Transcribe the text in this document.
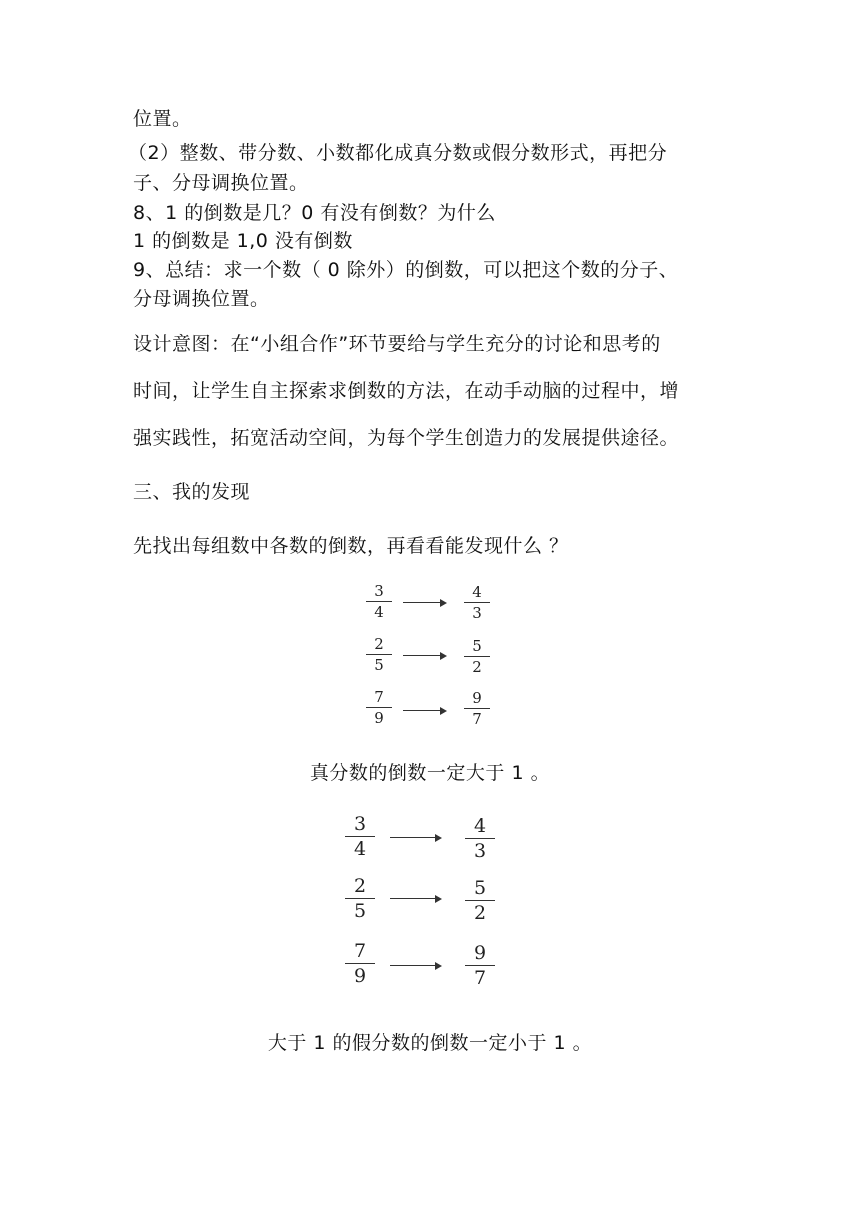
位置。
（2）整数、带分数、小数都化成真分数或假分数形式，再把分
子、分母调换位置。
8、1 的倒数是几？0 有没有倒数？为什么
1 的倒数是 1,0 没有倒数
9、总结：求一个数（ 0 除外）的倒数，可以把这个数的分子、
分母调换位置。
设计意图：在“小组合作”环节要给与学生充分的讨论和思考的
时间，让学生自主探索求倒数的方法，在动手动脑的过程中，增
强实践性，拓宽活动空间，为每个学生创造力的发展提供途径。
三、我的发现
先找出每组数中各数的倒数，再看看能发现什么 ？
3
4
4
3
2
5
5
2
7
9
9
7
真分数的倒数一定大于 1 。
3
4
4
3
2
5
5
2
7
9
9
7
大于 1 的假分数的倒数一定小于 1 。
